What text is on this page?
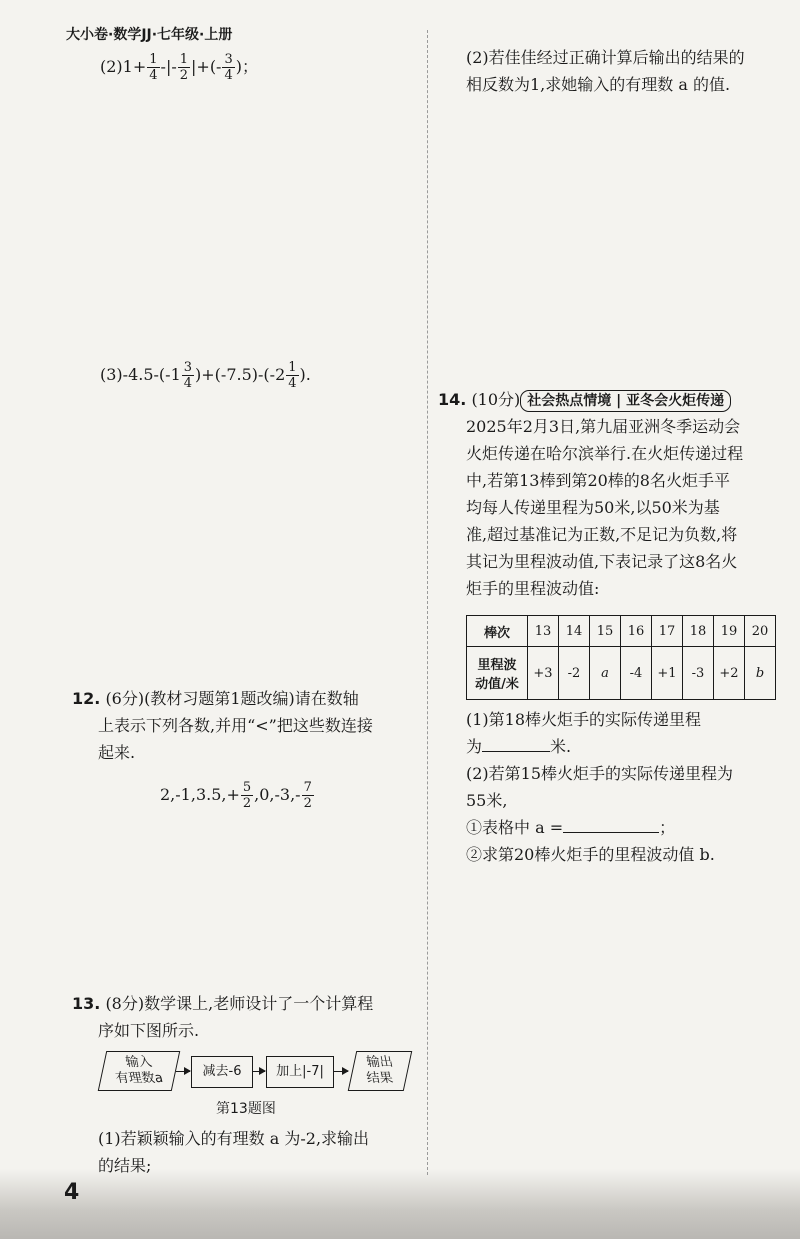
大小卷·数学JJ·七年级·上册
$(2)1+ \frac{1}{4}$ -|- $\frac{1}{2}$ |+(- $\frac{3}{4}$ )；
$(3)-4.5-(-1 \frac{3}{4} )+(-7.5)-(-2 \frac{1}{4}$ ).
12. (6分)(教材习题第1题改编)请在数轴
上表示下列各数,并用“<”把这些数连接
起来.
$2,-1,3.5,+ \frac{5}{2} ,0,-3,- \frac{7}{2}$
13. (8分)数学课上,老师设计了一个计算程
序如下图所示.
输入
有理数a	减去-6	加上|-7|
输出
结果
第13题图
(1)若颖颖输入的有理数 a 为-2,求输出
的结果;
4
(2)若佳佳经过正确计算后输出的结果的
相反数为1,求她输入的有理数 a 的值.
14. (10分) 社会热点情境 | 亚冬会火炬传递
2025年2月3日,第九届亚洲冬季运动会
火炬传递在哈尔滨举行.在火炬传递过程
中,若第13棒到第20棒的8名火炬手平
均每人传递里程为50米,以50米为基
准,超过基准记为正数,不足记为负数,将
其记为里程波动值,下表记录了这8名火
炬手的里程波动值:
棒次	13	14	15	16	17	18	19	20
里程波
动值/米	+3	-2	a	-4	+1	-3	+2	b
(1)第18棒火炬手的实际传递里程
为	米.
(2)若第15棒火炬手的实际传递里程为
55米,
①表格中 a =	；
②求第20棒火炬手的里程波动值 b.
